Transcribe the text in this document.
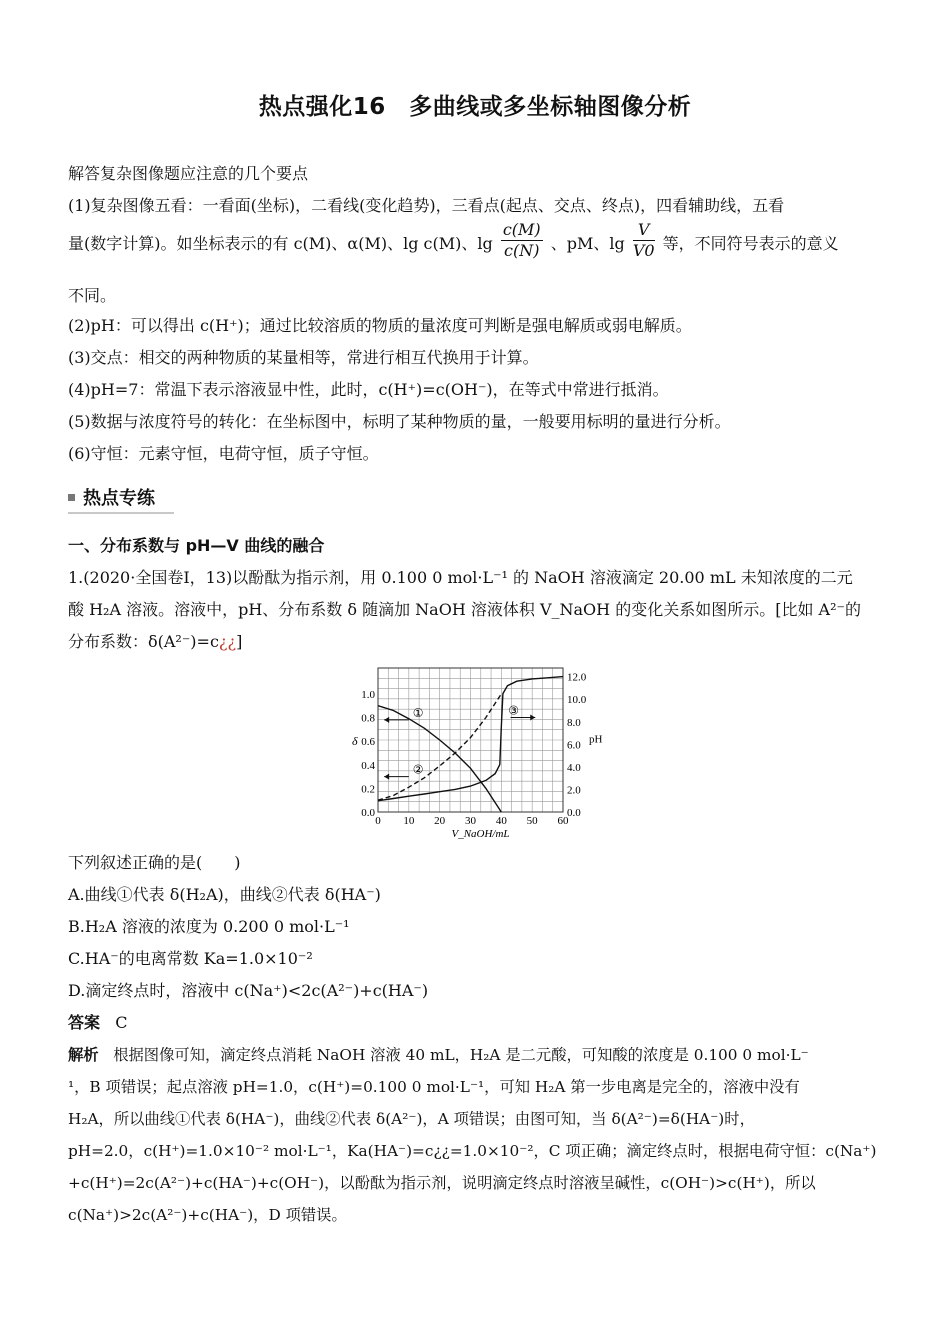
热点强化16　多曲线或多坐标轴图像分析
解答复杂图像题应注意的几个要点
(1)复杂图像五看：一看面(坐标)，二看线(变化趋势)，三看点(起点、交点、终点)，四看辅助线，五看
量(数字计算)。如坐标表示的有 c(M)、α(M)、lg c(M)、$\lg \frac{c(M)}{c(N)}$ 、pM、$\lg \frac{V}{V0}$ 等，不同符号表示的意义
不同。
(2)pH：可以得出 c(H⁺)；通过比较溶质的物质的量浓度可判断是强电解质或弱电解质。
(3)交点：相交的两种物质的某量相等，常进行相互代换用于计算。
(4)pH=7：常温下表示溶液显中性，此时，c(H⁺)=c(OH⁻)，在等式中常进行抵消。
(5)数据与浓度符号的转化：在坐标图中，标明了某种物质的量，一般要用标明的量进行分析。
(6)守恒：元素守恒，电荷守恒，质子守恒。
热点专练
一、分布系数与 pH—V 曲线的融合
1.(2020·全国卷Ⅰ，13)以酚酞为指示剂，用 0.100 0 mol·L⁻¹ 的 NaOH 溶液滴定 20.00 mL 未知浓度的二元
酸 H₂A 溶液。溶液中，pH、分布系数 δ 随滴加 NaOH 溶液体积 V_NaOH 的变化关系如图所示。[比如 A²⁻的
分布系数：δ(A²⁻)=c¿¿]
0 10 20 30 40 50 60
0.0
0.2
0.4
0.6
0.8
1.0
0.0
2.0
4.0
6.0
8.0
10.0
12.0
V_NaOH/mL
δ	pH
①
②
③
下列叙述正确的是(　　)
A.曲线①代表 δ(H₂A)，曲线②代表 δ(HA⁻)
B.H₂A 溶液的浓度为 0.200 0 mol·L⁻¹
C.HA⁻的电离常数 Ka=1.0×10⁻²
D.滴定终点时，溶液中 c(Na⁺)<2c(A²⁻)+c(HA⁻)
答案 C
解析 根据图像可知，滴定终点消耗 NaOH 溶液 40 mL，H₂A 是二元酸，可知酸的浓度是 0.100 0 mol·L⁻
¹，B 项错误；起点溶液 pH=1.0，c(H⁺)=0.100 0 mol·L⁻¹，可知 H₂A 第一步电离是完全的，溶液中没有
H₂A，所以曲线①代表 δ(HA⁻)，曲线②代表 δ(A²⁻)，A 项错误；由图可知，当 δ(A²⁻)=δ(HA⁻)时，
pH=2.0，c(H⁺)=1.0×10⁻² mol·L⁻¹，Ka(HA⁻)=c¿¿=1.0×10⁻²，C 项正确；滴定终点时，根据电荷守恒：c(Na⁺)
+c(H⁺)=2c(A²⁻)+c(HA⁻)+c(OH⁻)，以酚酞为指示剂，说明滴定终点时溶液呈碱性，c(OH⁻)>c(H⁺)，所以
c(Na⁺)>2c(A²⁻)+c(HA⁻)，D 项错误。
